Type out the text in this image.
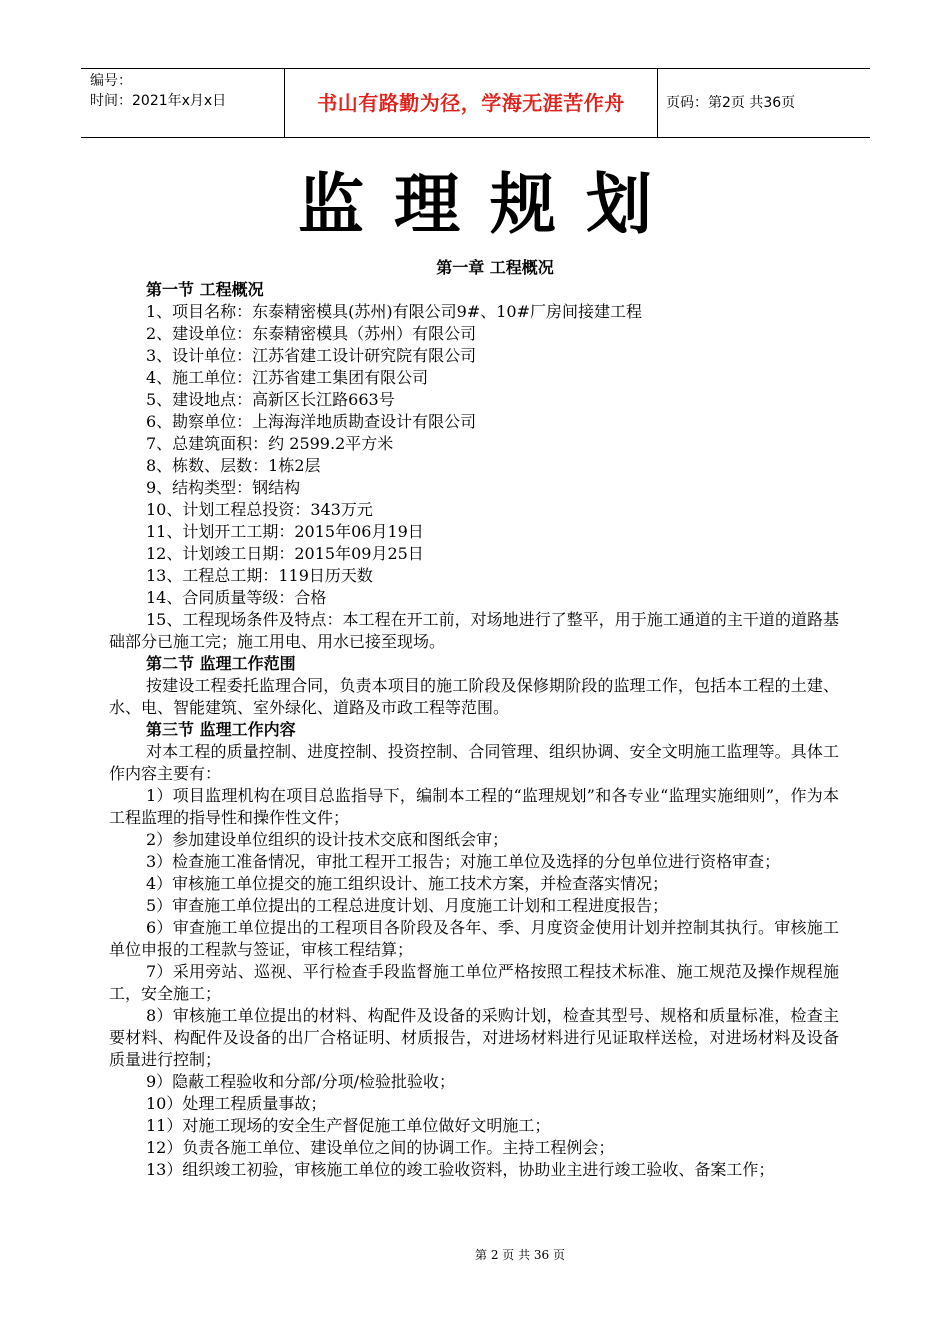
编号：
时间：2021年x月x日	书山有路勤为径，学海无涯苦作舟	页码：第2页 共36页
监理规划
第一章 工程概况

第一节 工程概况

1、项目名称：东泰精密模具(苏州)有限公司9#、10#厂房间接建工程

2、建设单位：东泰精密模具（苏州）有限公司

3、设计单位：江苏省建工设计研究院有限公司

4、施工单位：江苏省建工集团有限公司

5、建设地点：高新区长江路663号

6、勘察单位：上海海洋地质勘查设计有限公司

7、总建筑面积：约 2599.2平方米

8、栋数、层数：1栋2层

9、结构类型：钢结构

10、计划工程总投资：343万元

11、计划开工工期：2015年06月19日

12、计划竣工日期：2015年09月25日

13、工程总工期：119日历天数

14、合同质量等级：合格

15、工程现场条件及特点：本工程在开工前，对场地进行了整平，用于施工通道的主干道的道路基础部分已施工完；施工用电、用水已接至现场。

第二节 监理工作范围

按建设工程委托监理合同，负责本项目的施工阶段及保修期阶段的监理工作，包括本工程的土建、水、电、智能建筑、室外绿化、道路及市政工程等范围。

第三节 监理工作内容

对本工程的质量控制、进度控制、投资控制、合同管理、组织协调、安全文明施工监理等。具体工作内容主要有：

1）项目监理机构在项目总监指导下，编制本工程的“监理规划”和各专业“监理实施细则”，作为本工程监理的指导性和操作性文件；

2）参加建设单位组织的设计技术交底和图纸会审；

3）检查施工准备情况，审批工程开工报告；对施工单位及选择的分包单位进行资格审查；

4）审核施工单位提交的施工组织设计、施工技术方案，并检查落实情况；

5）审查施工单位提出的工程总进度计划、月度施工计划和工程进度报告；

6）审查施工单位提出的工程项目各阶段及各年、季、月度资金使用计划并控制其执行。审核施工单位申报的工程款与签证，审核工程结算；

7）采用旁站、巡视、平行检查手段监督施工单位严格按照工程技术标准、施工规范及操作规程施工，安全施工；

8）审核施工单位提出的材料、构配件及设备的采购计划，检查其型号、规格和质量标准，检查主要材料、构配件及设备的出厂合格证明、材质报告，对进场材料进行见证取样送检，对进场材料及设备质量进行控制；

9）隐蔽工程验收和分部/分项/检验批验收；

10）处理工程质量事故；

11）对施工现场的安全生产督促施工单位做好文明施工；

12）负责各施工单位、建设单位之间的协调工作。主持工程例会；

13）组织竣工初验，审核施工单位的竣工验收资料，协助业主进行竣工验收、备案工作；

第 2 页 共 36 页
